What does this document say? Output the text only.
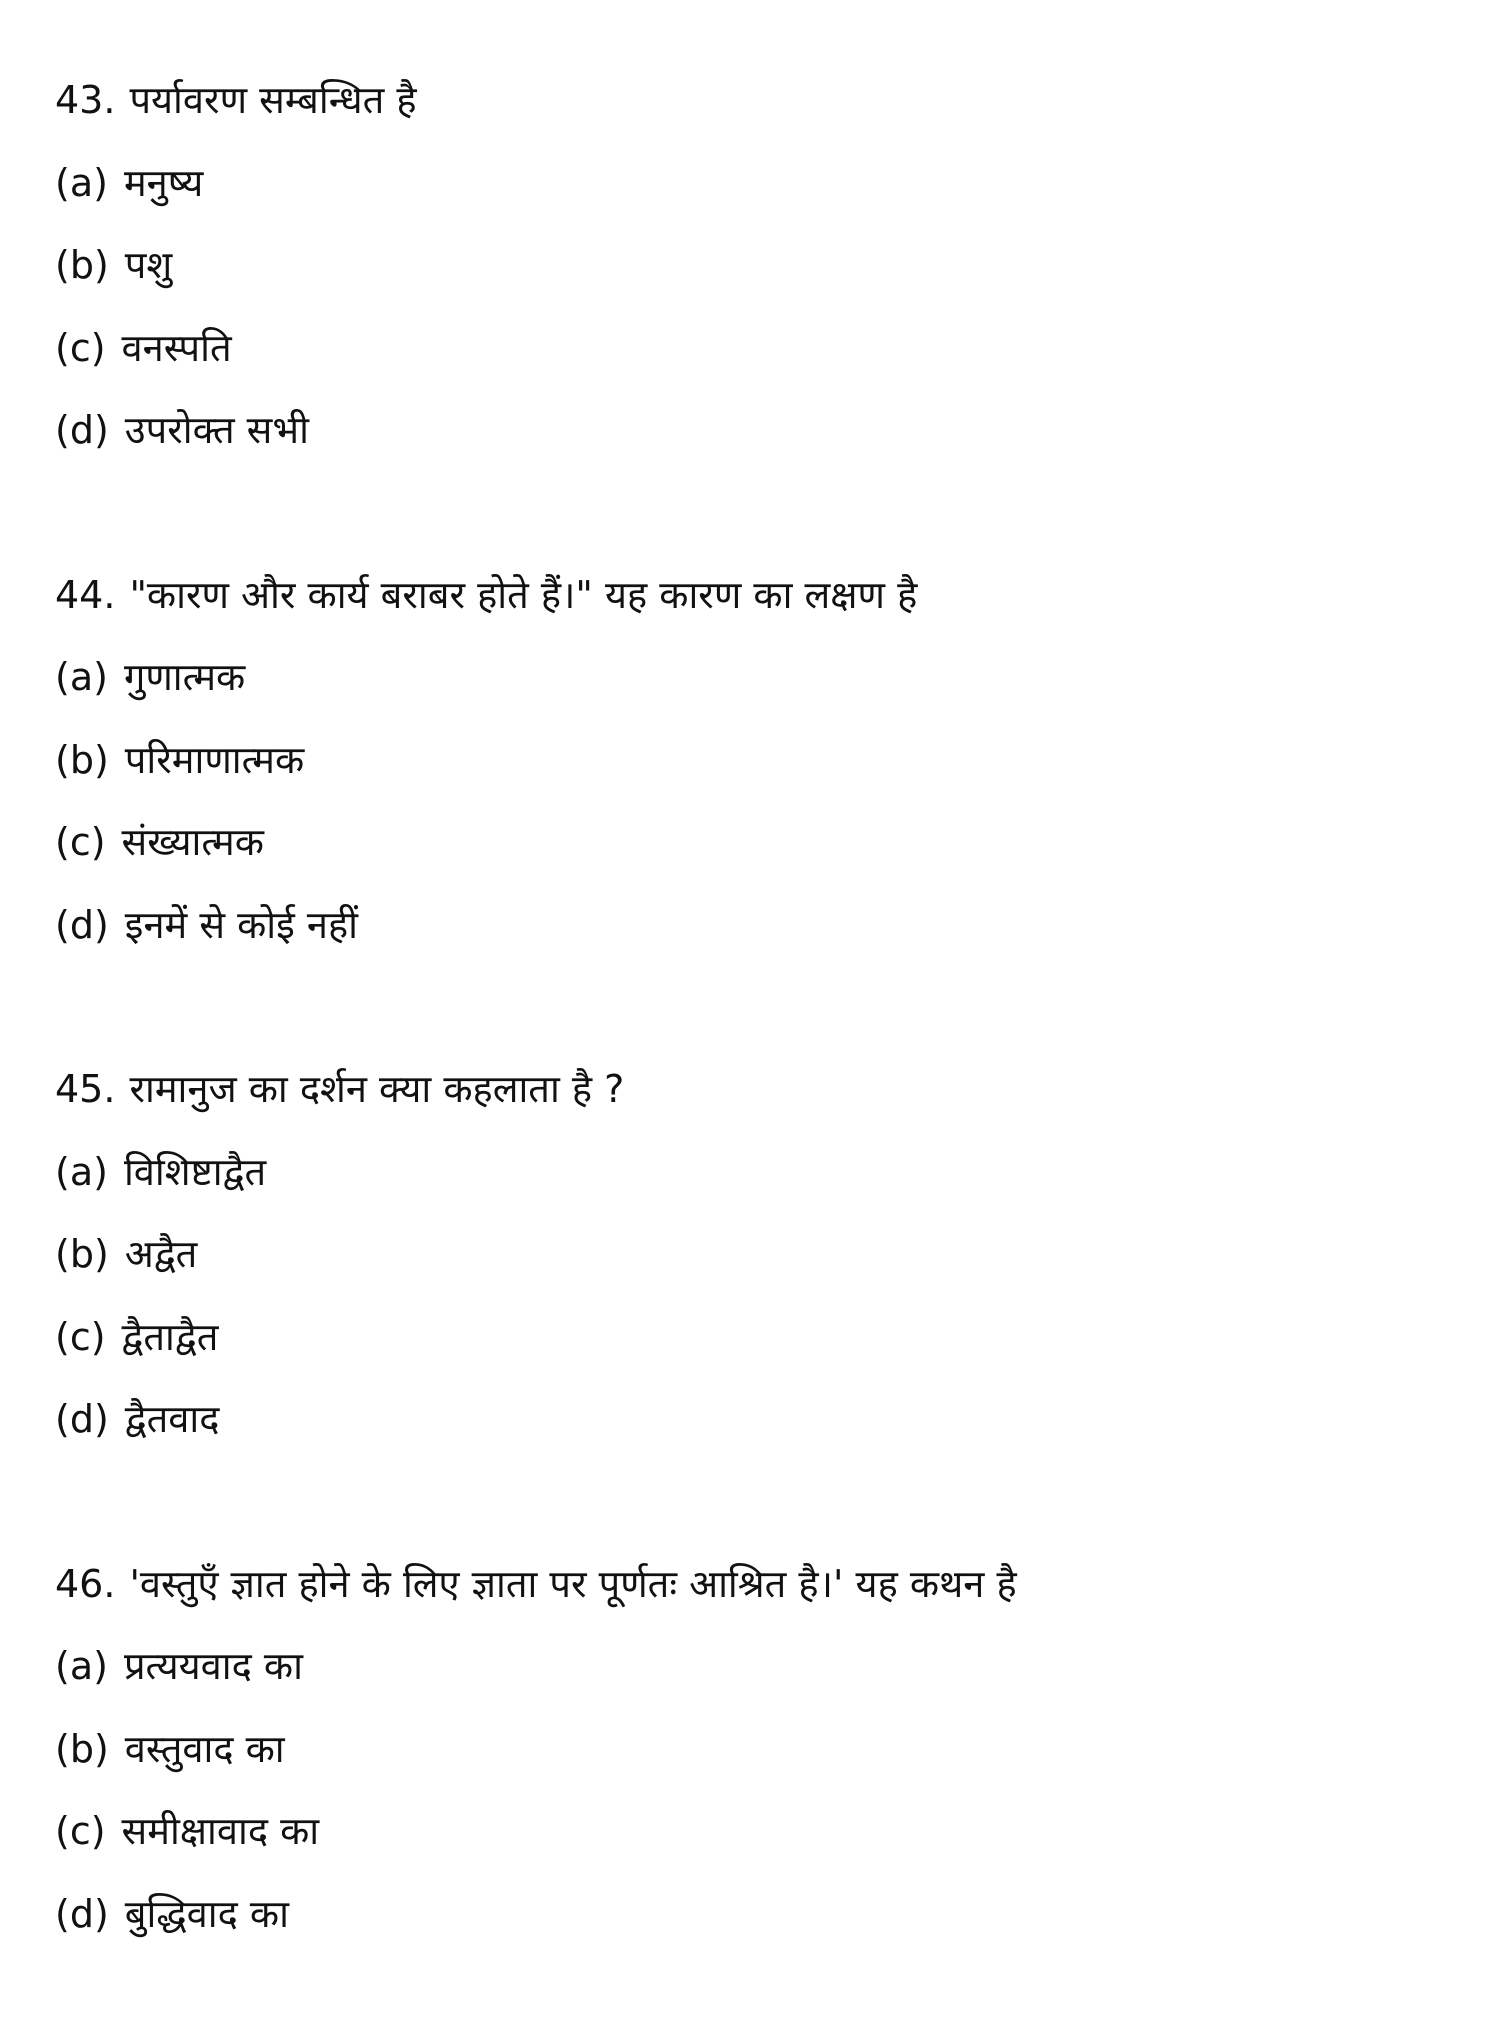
43. पर्यावरण सम्बन्धित है
(a) मनुष्य
(b) पशु
(c) वनस्पति
(d) उपरोक्त सभी
44. "कारण और कार्य बराबर होते हैं।" यह कारण का लक्षण है
(a) गुणात्मक
(b) परिमाणात्मक
(c) संख्यात्मक
(d) इनमें से कोई नहीं
45. रामानुज का दर्शन क्या कहलाता है ?
(a) विशिष्टाद्वैत
(b) अद्वैत
(c) द्वैताद्वैत
(d) द्वैतवाद
46. 'वस्तुएँ ज्ञात होने के लिए ज्ञाता पर पूर्णतः आश्रित है।' यह कथन है
(a) प्रत्ययवाद का
(b) वस्तुवाद का
(c) समीक्षावाद का
(d) बुद्धिवाद का
